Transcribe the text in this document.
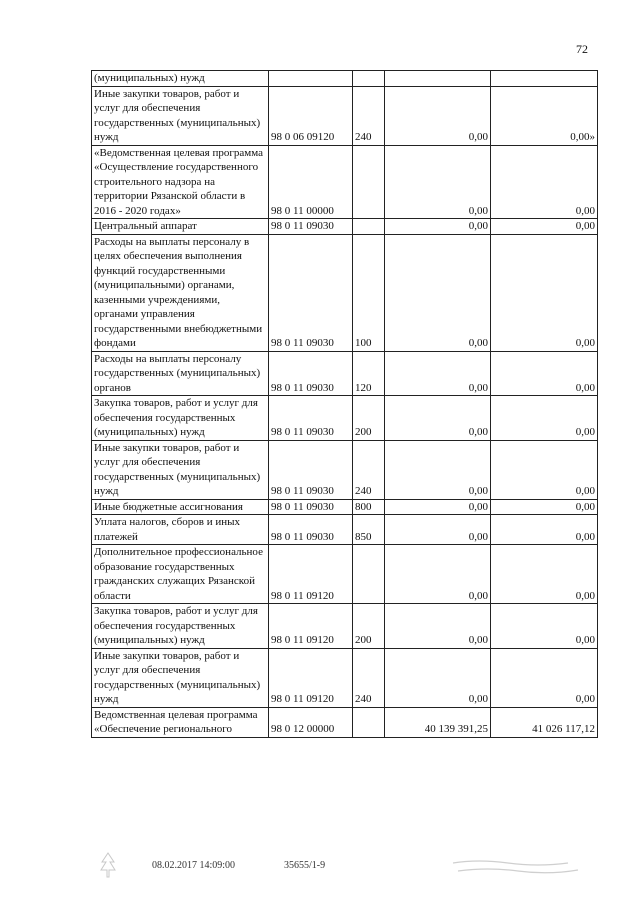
72
(муниципальных) нужд				
Иные закупки товаров, работ и услуг для обеспечения государственных (муниципальных) нужд	98 0 06 09120	240	0,00	0,00»
«Ведомственная целевая программа «Осуществление государственного строительного надзора на территории Рязанской области в 2016 - 2020 годах»	98 0 11 00000		0,00	0,00
Центральный аппарат	98 0 11 09030		0,00	0,00
Расходы на выплаты персоналу в целях обеспечения выполнения функций государственными (муниципальными) органами, казенными учреждениями, органами управления государственными внебюджетными фондами	98 0 11 09030	100	0,00	0,00
Расходы на выплаты персоналу государственных (муниципальных) органов	98 0 11 09030	120	0,00	0,00
Закупка товаров, работ и услуг для обеспечения государственных (муниципальных) нужд	98 0 11 09030	200	0,00	0,00
Иные закупки товаров, работ и услуг для обеспечения государственных (муниципальных) нужд	98 0 11 09030	240	0,00	0,00
Иные бюджетные ассигнования	98 0 11 09030	800	0,00	0,00
Уплата налогов, сборов и иных платежей	98 0 11 09030	850	0,00	0,00
Дополнительное профессиональное образование государственных гражданских служащих Рязанской области	98 0 11 09120		0,00	0,00
Закупка товаров, работ и услуг для обеспечения государственных (муниципальных) нужд	98 0 11 09120	200	0,00	0,00
Иные закупки товаров, работ и услуг для обеспечения государственных (муниципальных) нужд	98 0 11 09120	240	0,00	0,00
Ведомственная целевая программа «Обеспечение регионального	98 0 12 00000		40 139 391,25	41 026 117,12
08.02.2017 14:09:00	35655/1-9
